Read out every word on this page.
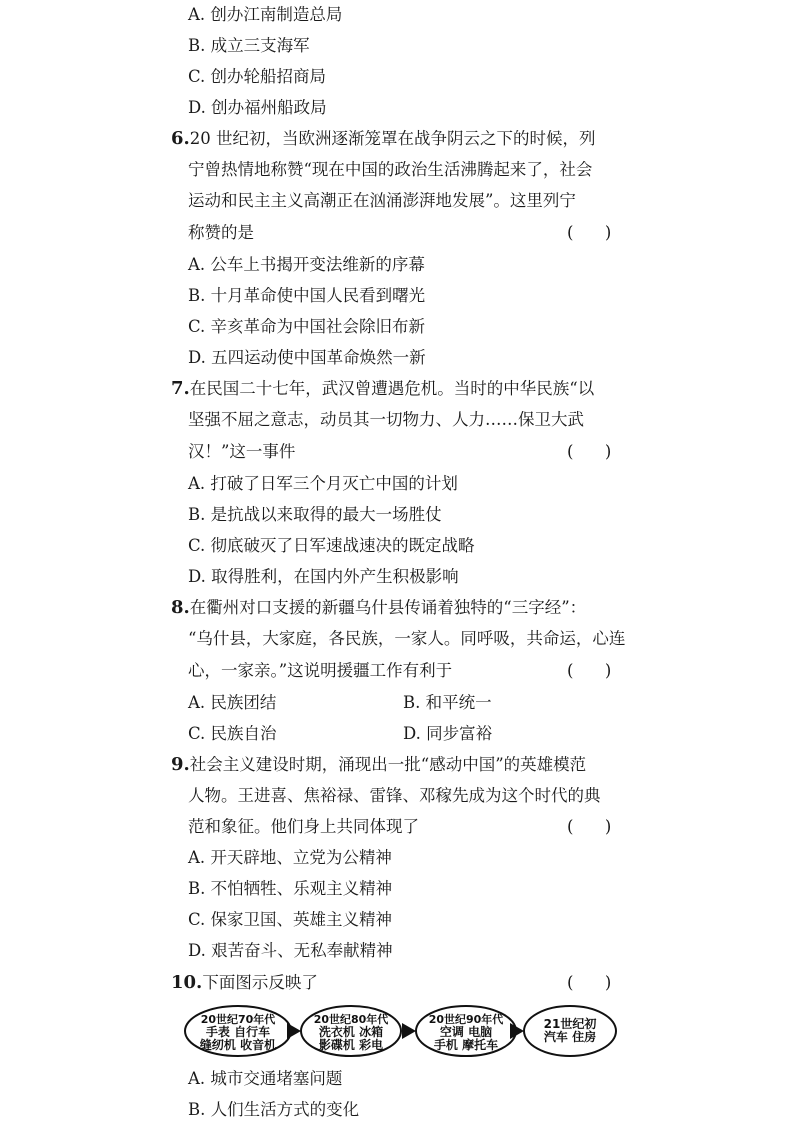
A. 创办江南制造总局
B. 成立三支海军
C. 创办轮船招商局
D. 创办福州船政局
6.20 世纪初，当欧洲逐渐笼罩在战争阴云之下的时候，列
宁曾热情地称赞“现在中国的政治生活沸腾起来了，社会
运动和民主主义高潮正在汹涌澎湃地发展”。这里列宁
称赞的是	(      )
A. 公车上书揭开变法维新的序幕
B. 十月革命使中国人民看到曙光
C. 辛亥革命为中国社会除旧布新
D. 五四运动使中国革命焕然一新
7.在民国二十七年，武汉曾遭遇危机。当时的中华民族“以
坚强不屈之意志，动员其一切物力、人力……保卫大武
汉！”这一事件	(      )
A. 打破了日军三个月灭亡中国的计划
B. 是抗战以来取得的最大一场胜仗
C. 彻底破灭了日军速战速决的既定战略
D. 取得胜利，在国内外产生积极影响
8.在衢州对口支援的新疆乌什县传诵着独特的“三字经”：
“乌什县，大家庭，各民族，一家人。同呼吸，共命运，心连
心，一家亲。”这说明援疆工作有利于	(      )
A. 民族团结	B. 和平统一
C. 民族自治	D. 同步富裕
9.社会主义建设时期，涌现出一批“感动中国”的英雄模范
人物。王进喜、焦裕禄、雷锋、邓稼先成为这个时代的典
范和象征。他们身上共同体现了	(      )
A. 开天辟地、立党为公精神
B. 不怕牺牲、乐观主义精神
C. 保家卫国、英雄主义精神
D. 艰苦奋斗、无私奉献精神
10.下面图示反映了	(      )
20世纪70年代
手表 自行车
缝纫机 收音机
20世纪80年代
洗衣机 冰箱
影碟机 彩电
20世纪90年代
空调 电脑
手机 摩托车
21世纪初
汽车 住房
A. 城市交通堵塞问题
B. 人们生活方式的变化
